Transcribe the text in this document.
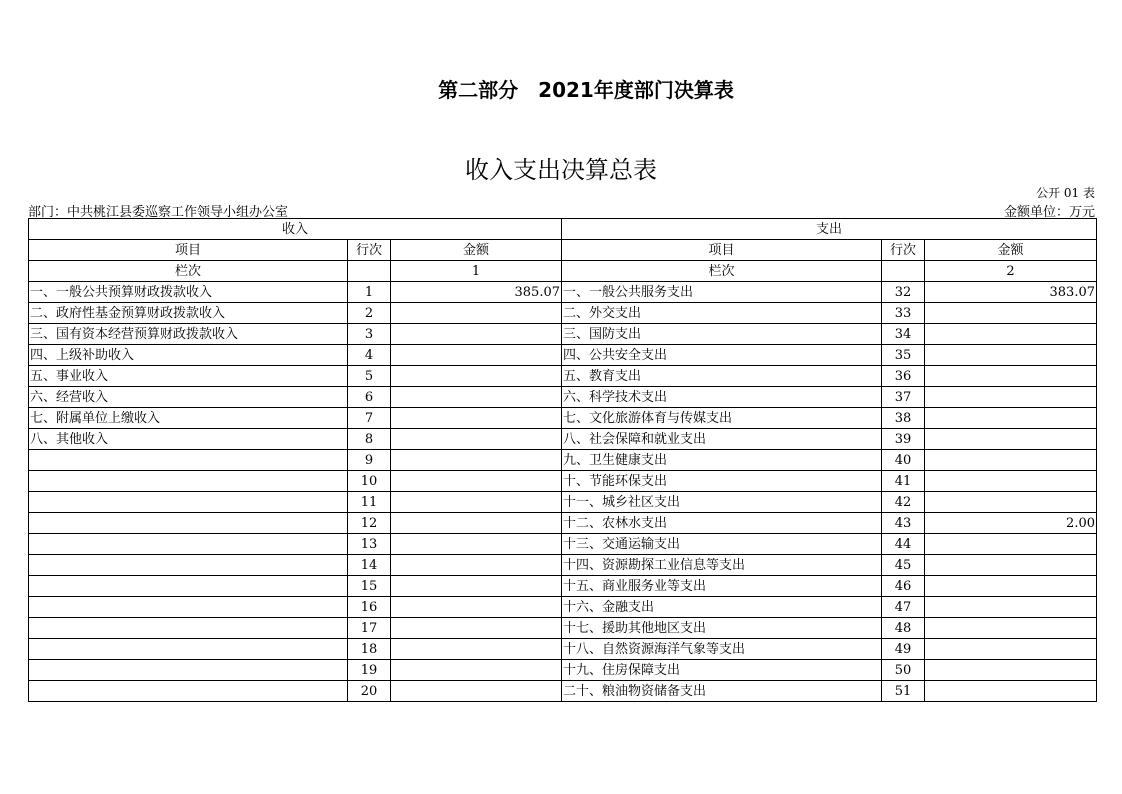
第二部分　2021年度部门决算表
收入支出决算总表
公开 01 表
部门：中共桃江县委巡察工作领导小组办公室	金额单位：万元
收入			支出		
项目	行次	金额	项目	行次	金额
栏次		1	栏次		2
一、一般公共预算财政拨款收入	1	385.07	一、一般公共服务支出	32	383.07
二、政府性基金预算财政拨款收入	2		二、外交支出	33	
三、国有资本经营预算财政拨款收入	3		三、国防支出	34	
四、上级补助收入	4		四、公共安全支出	35	
五、事业收入	5		五、教育支出	36	
六、经营收入	6		六、科学技术支出	37	
七、附属单位上缴收入	7		七、文化旅游体育与传媒支出	38	
八、其他收入	8		八、社会保障和就业支出	39	
	9		九、卫生健康支出	40	
	10		十、节能环保支出	41	
	11		十一、城乡社区支出	42	
	12		十二、农林水支出	43	2.00
	13		十三、交通运输支出	44	
	14		十四、资源勘探工业信息等支出	45	
	15		十五、商业服务业等支出	46	
	16		十六、金融支出	47	
	17		十七、援助其他地区支出	48	
	18		十八、自然资源海洋气象等支出	49	
	19		十九、住房保障支出	50	
	20		二十、粮油物资储备支出	51	
